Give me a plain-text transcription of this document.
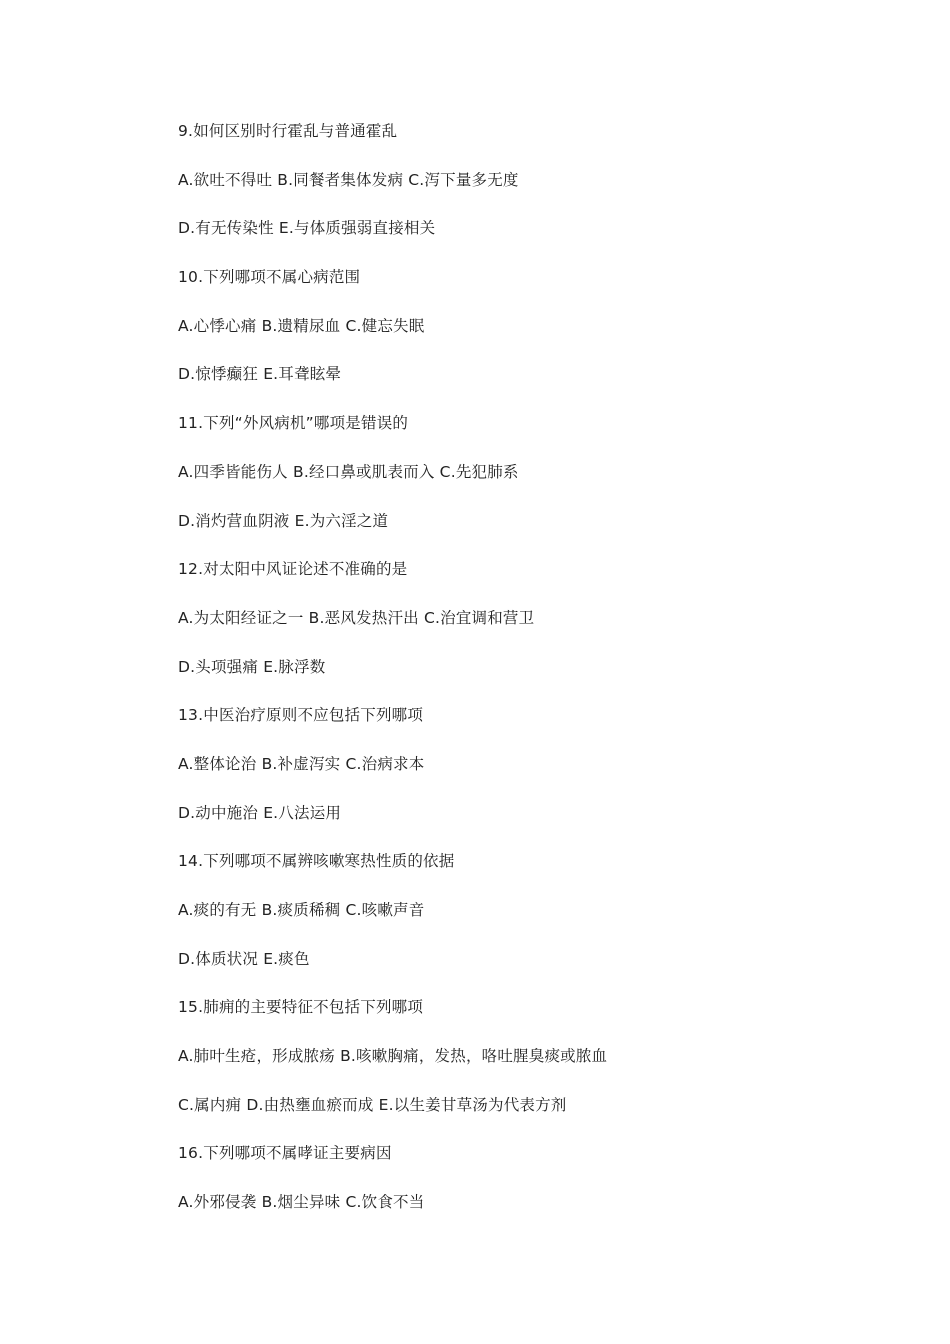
9.如何区别时行霍乱与普通霍乱
A.欲吐不得吐 B.同餐者集体发病 C.泻下量多无度
D.有无传染性 E.与体质强弱直接相关
10.下列哪项不属心病范围
A.心悸心痛 B.遗精尿血 C.健忘失眠
D.惊悸癫狂 E.耳聋眩晕
11.下列“外风病机”哪项是错误的
A.四季皆能伤人 B.经口鼻或肌表而入 C.先犯肺系
D.消灼营血阴液 E.为六淫之道
12.对太阳中风证论述不准确的是
A.为太阳经证之一 B.恶风发热汗出 C.治宜调和营卫
D.头项强痛 E.脉浮数
13.中医治疗原则不应包括下列哪项
A.整体论治 B.补虚泻实 C.治病求本
D.动中施治 E.八法运用
14.下列哪项不属辨咳嗽寒热性质的依据
A.痰的有无 B.痰质稀稠 C.咳嗽声音
D.体质状况 E.痰色
15.肺痈的主要特征不包括下列哪项
A.肺叶生疮，形成脓疡 B.咳嗽胸痛，发热，咯吐腥臭痰或脓血
C.属内痈 D.由热壅血瘀而成 E.以生姜甘草汤为代表方剂
16.下列哪项不属哮证主要病因
A.外邪侵袭 B.烟尘异味 C.饮食不当
